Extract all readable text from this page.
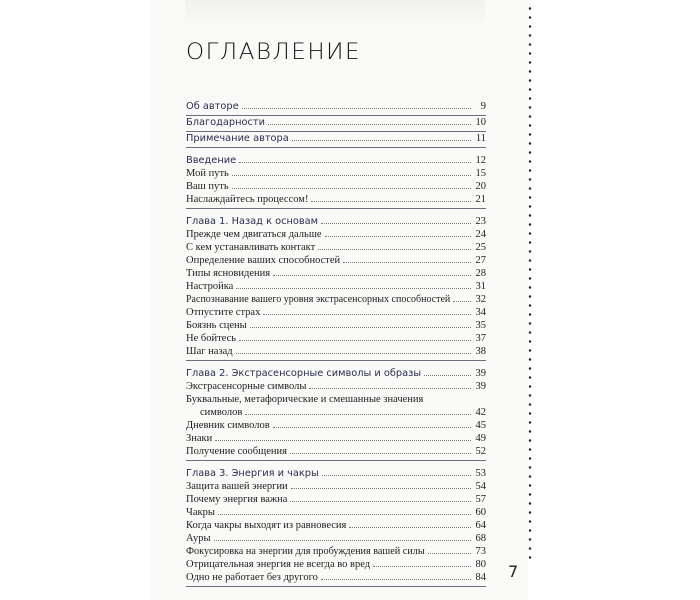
ОГЛАВЛЕНИЕ
Об авторе	9
Благодарности	10
Примечание автора	11
Введение	12
Мой путь	15
Ваш путь	20
Наслаждайтесь процессом!	21
Глава 1. Назад к основам	23
Прежде чем двигаться дальше	24
С кем устанавливать контакт	25
Определение ваших способностей	27
Типы ясновидения	28
Настройка	31
Распознавание вашего уровня экстрасенсорных способностей 32
Отпустите страх	34
Боязнь сцены	35
Не бойтесь	37
Шаг назад	38
Глава 2. Экстрасенсорные символы и образы	39
Экстрасенсорные символы	39
Буквальные, метафорические и смешанные значения
символов	42
Дневник символов	45
Знаки	49
Получение сообщения	52
Глава 3. Энергия и чакры	53
Защита вашей энергии	54
Почему энергия важна	57
Чакры	60
Когда чакры выходят из равновесия	64
Ауры	68
Фокусировка на энергии для пробуждения вашей силы	73
Отрицательная энергия не всегда во вред	80
Одно не работает без другого	84 7
